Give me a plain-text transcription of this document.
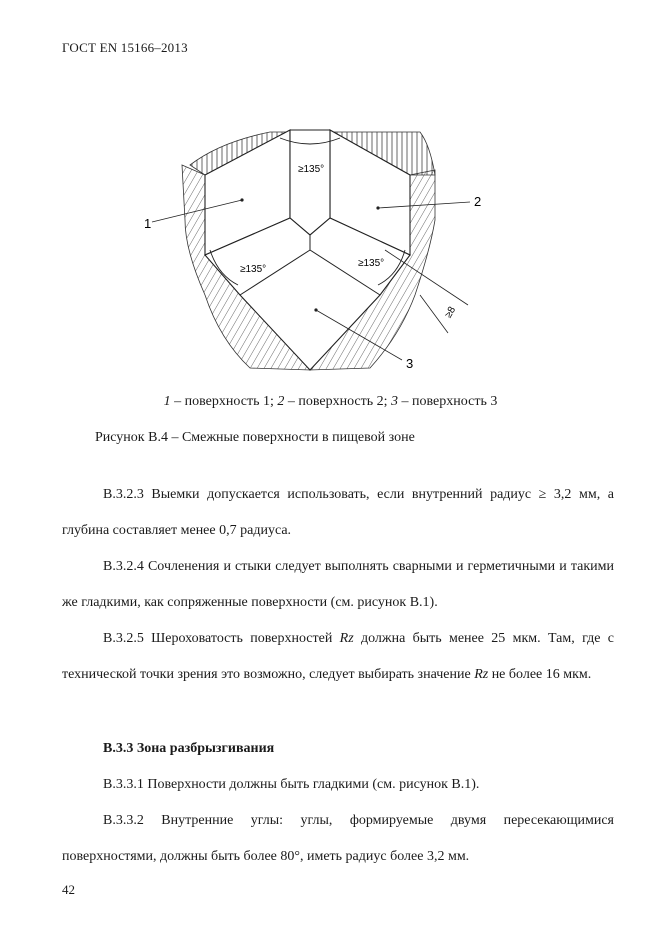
ГОСТ EN 15166–2013
≥135°
≥135°
≥135°
1
2
3
≥8
1 – поверхность 1; 2 – поверхность 2; 3 – поверхность 3
Рисунок В.4 – Смежные поверхности в пищевой зоне
В.3.2.3 Выемки допускается использовать, если внутренний радиус ≥ 3,2 мм, а глубина составляет менее 0,7 радиуса.
В.3.2.4 Сочленения и стыки следует выполнять сварными и герметичными и такими же гладкими, как сопряженные поверхности (см. рисунок В.1).
В.3.2.5 Шероховатость поверхностей Rz должна быть менее 25 мкм. Там, где с технической точки зрения это возможно, следует выбирать значение Rz не более 16 мкм.
В.3.3 Зона разбрызгивания
В.3.3.1 Поверхности должны быть гладкими (см. рисунок В.1).
В.3.3.2 Внутренние углы: углы, формируемые двумя пересекающимися поверхностями, должны быть более 80°, иметь радиус более 3,2 мм.
42
